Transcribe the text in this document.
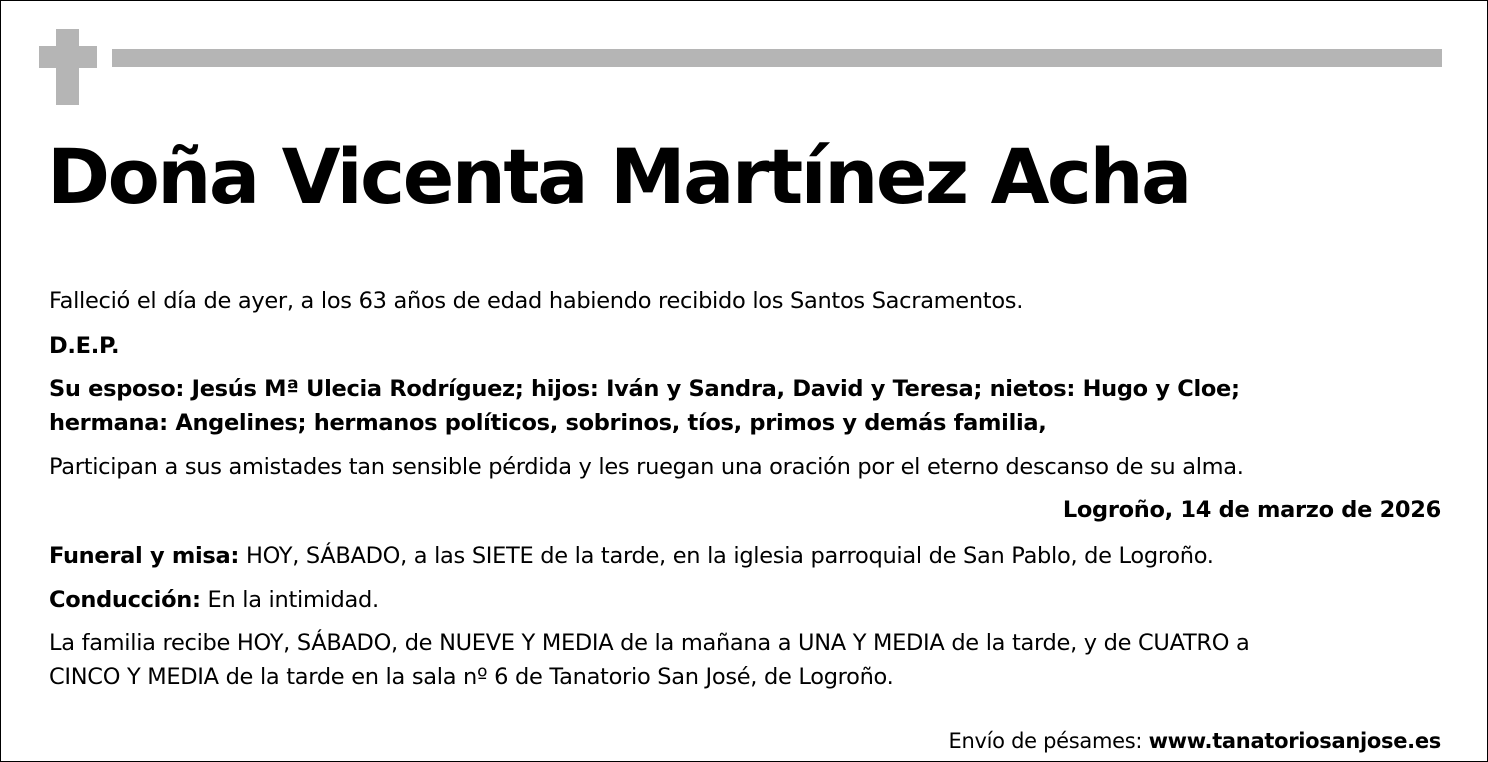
Doña Vicenta Martínez Acha
Falleció el día de ayer, a los 63 años de edad habiendo recibido los Santos Sacramentos.
D.E.P.
Su esposo: Jesús Mª Ulecia Rodríguez; hijos: Iván y Sandra, David y Teresa; nietos: Hugo y Cloe;
hermana: Angelines; hermanos políticos, sobrinos, tíos, primos y demás familia,
Participan a sus amistades tan sensible pérdida y les ruegan una oración por el eterno descanso de su alma.
Logroño, 14 de marzo de 2026
Funeral y misa: HOY, SÁBADO, a las SIETE de la tarde, en la iglesia parroquial de San Pablo, de Logroño.
Conducción: En la intimidad.
La familia recibe HOY, SÁBADO, de NUEVE Y MEDIA de la mañana a UNA Y MEDIA de la tarde, y de CUATRO a
CINCO Y MEDIA de la tarde en la sala nº 6 de Tanatorio San José, de Logroño.
Envío de pésames: www.tanatoriosanjose.es
